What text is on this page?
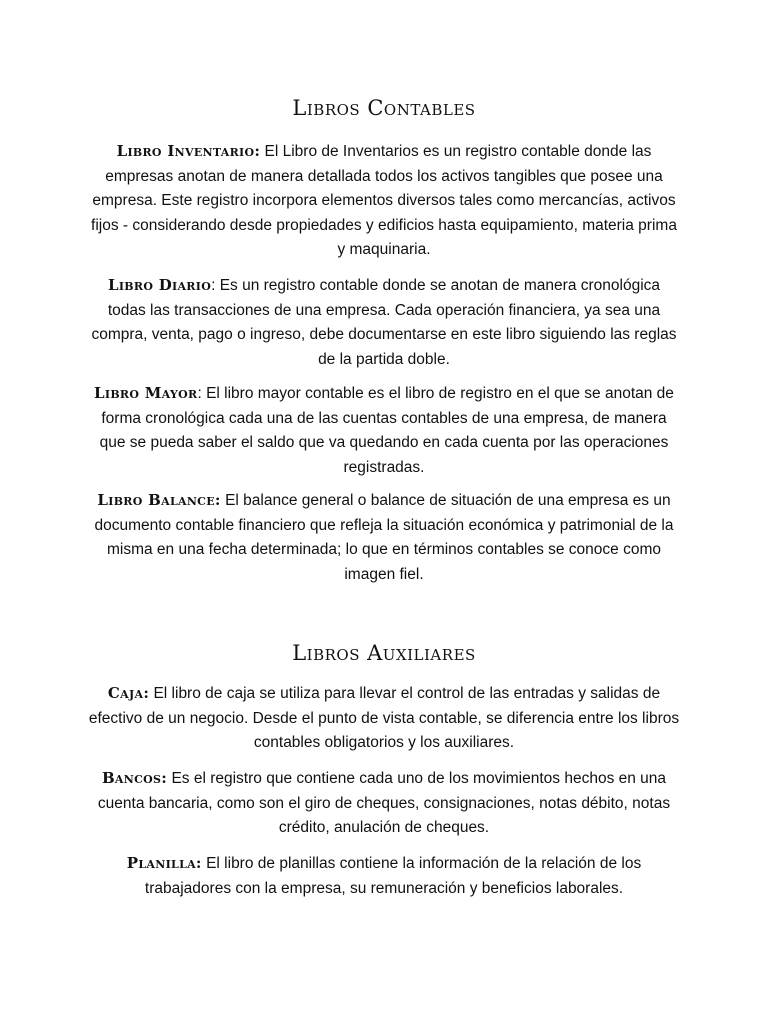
Libros Contables

Libro Inventario: El Libro de Inventarios es un registro contable donde las empresas anotan de manera detallada todos los activos tangibles que posee una empresa. Este registro incorpora elementos diversos tales como mercancías, activos fijos - considerando desde propiedades y edificios hasta equipamiento, materia prima y maquinaria.

Libro Diario: Es un registro contable donde se anotan de manera cronológica todas las transacciones de una empresa. Cada operación financiera, ya sea una compra, venta, pago o ingreso, debe documentarse en este libro siguiendo las reglas de la partida doble.

Libro Mayor: El libro mayor contable es el libro de registro en el que se anotan de forma cronológica cada una de las cuentas contables de una empresa, de manera que se pueda saber el saldo que va quedando en cada cuenta por las operaciones registradas.

Libro Balance: El balance general o balance de situación de una empresa es un documento contable financiero que refleja la situación económica y patrimonial de la misma en una fecha determinada; lo que en términos contables se conoce como imagen fiel.

Libros Auxiliares

Caja: El libro de caja se utiliza para llevar el control de las entradas y salidas de efectivo de un negocio. Desde el punto de vista contable, se diferencia entre los libros contables obligatorios y los auxiliares.

Bancos: Es el registro que contiene cada uno de los movimientos hechos en una cuenta bancaria, como son el giro de cheques, consignaciones, notas débito, notas crédito, anulación de cheques.

Planilla: El libro de planillas contiene la información de la relación de los trabajadores con la empresa, su remuneración y beneficios laborales.
